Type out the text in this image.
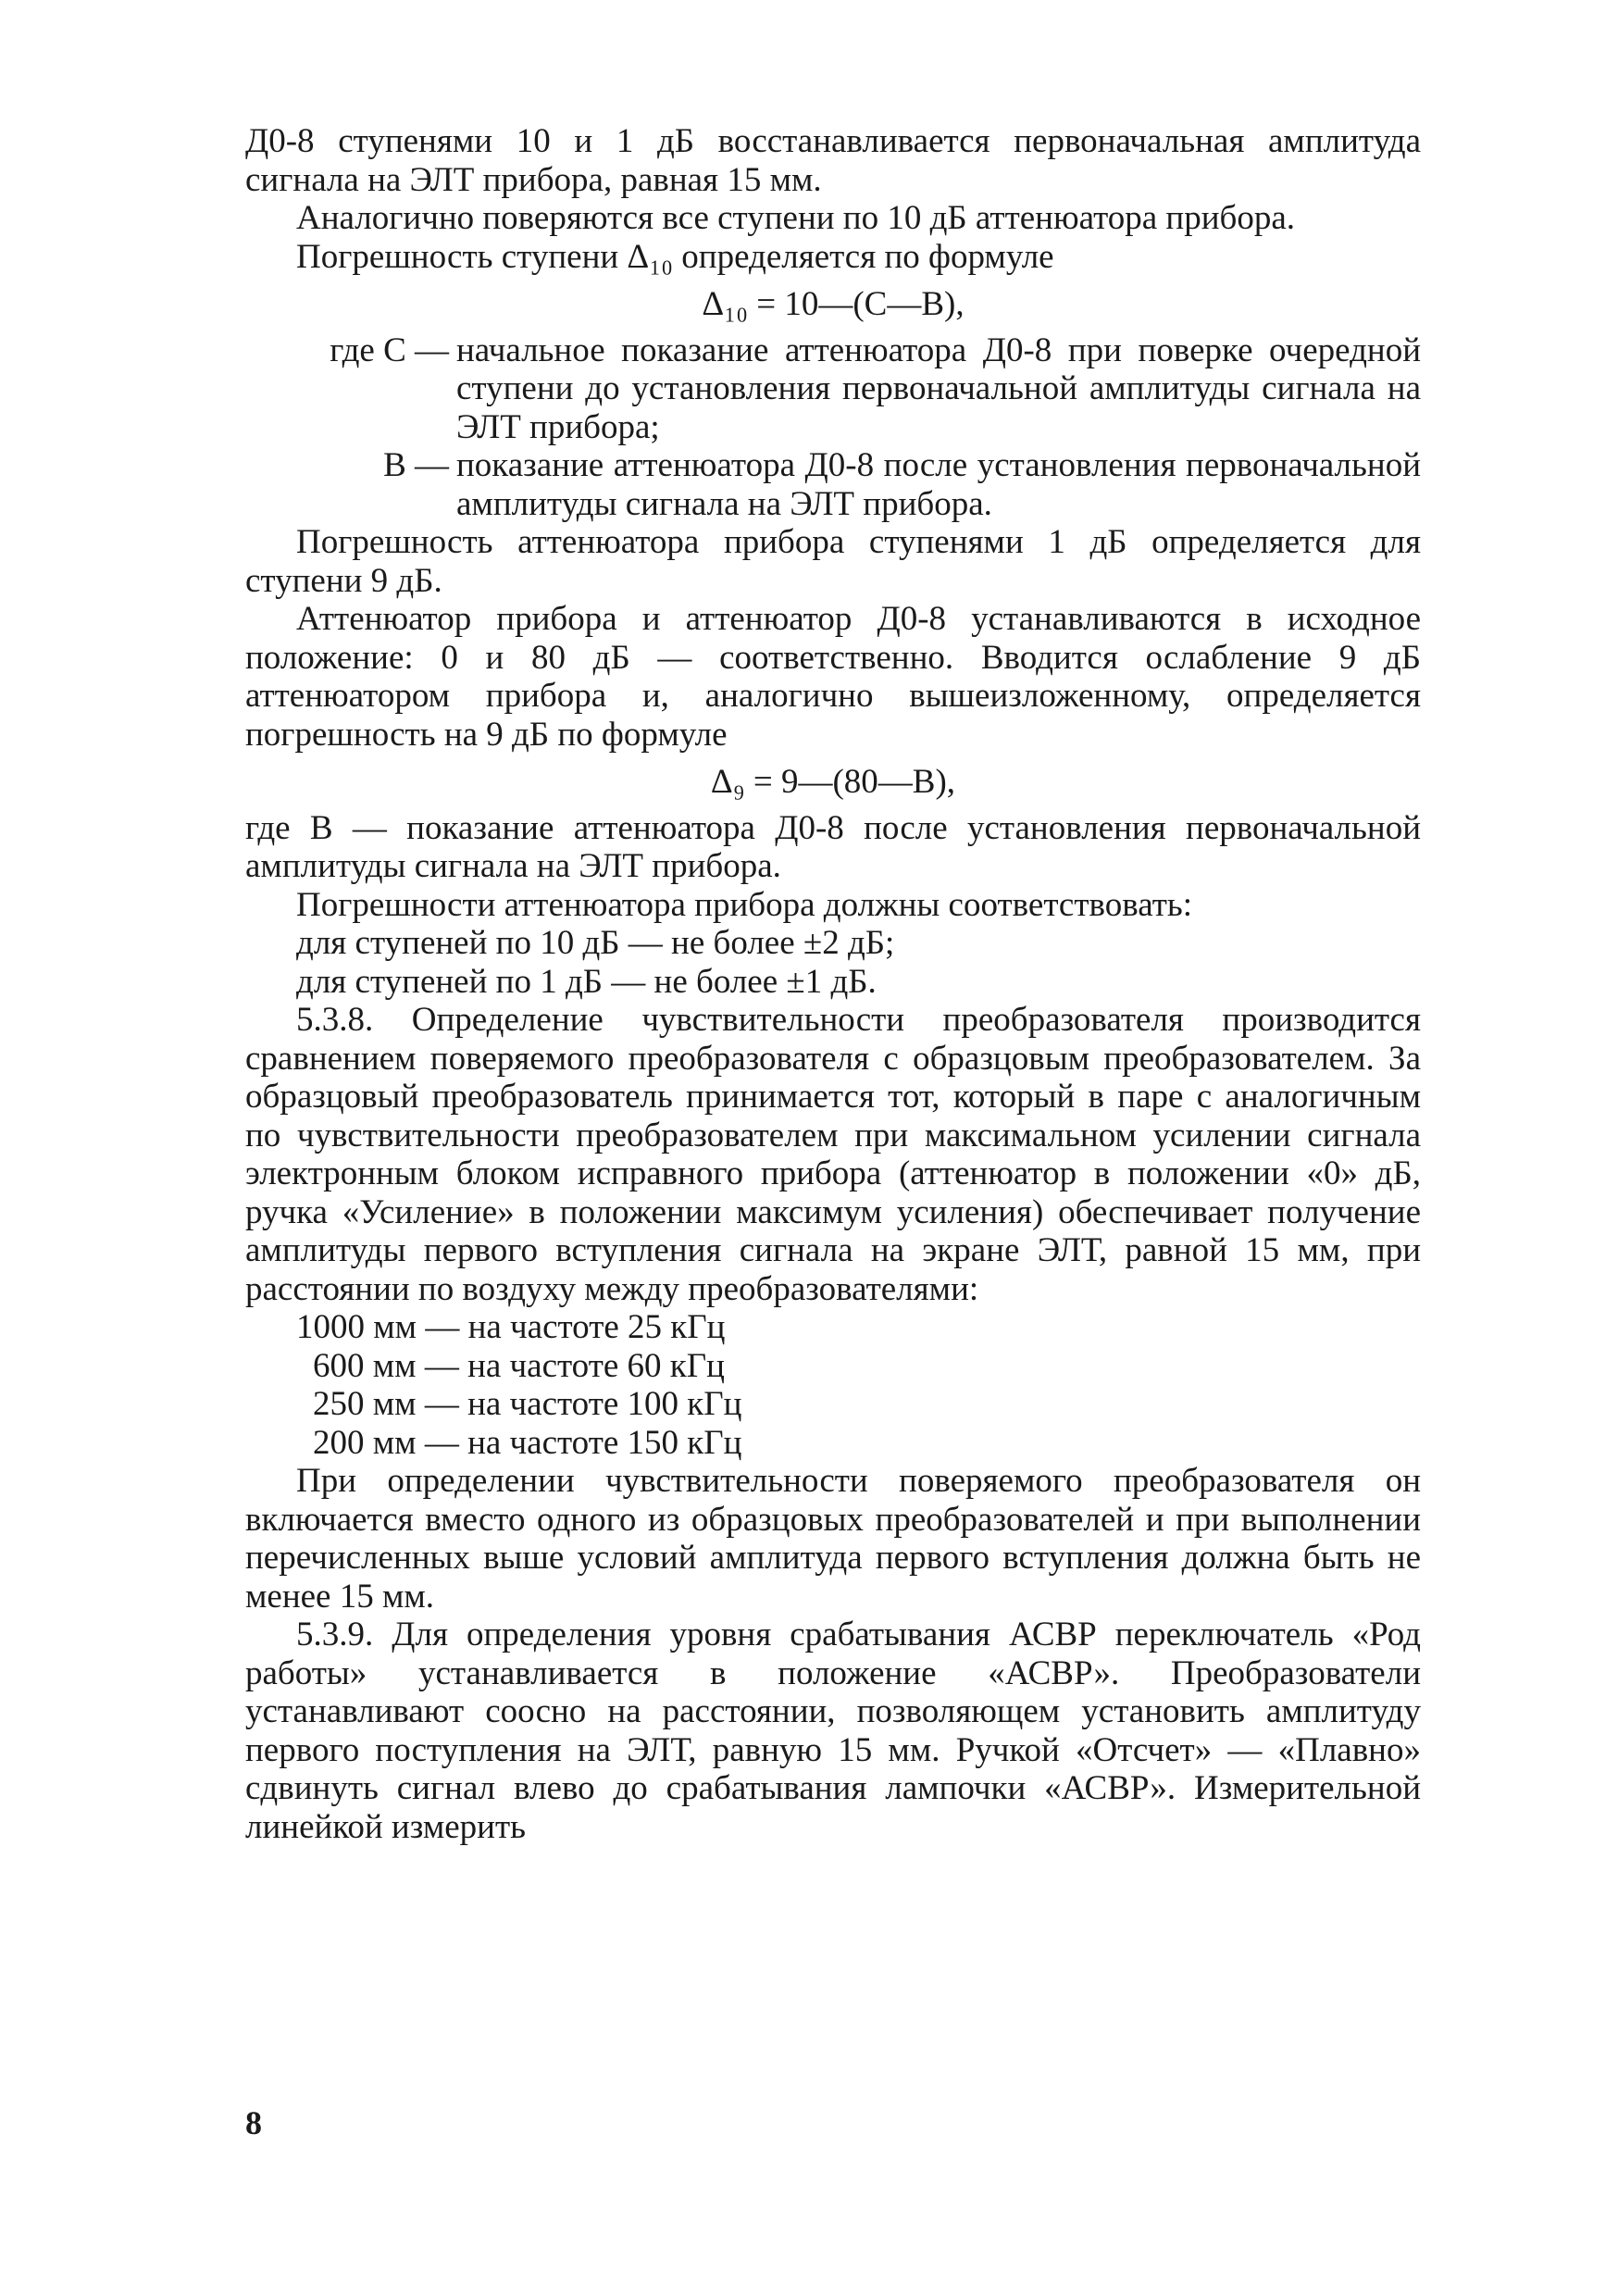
Д0-8 ступенями 10 и 1 дБ восстанавливается первоначальная амплитуда сигнала на ЭЛТ прибора, равная 15 мм.

Аналогично поверяются все ступени по 10 дБ аттенюатора прибора.

Погрешность ступени Δ₁₀ определяется по формуле

Δ₁₀ = 10—(С—В),

где С — начальное показание аттенюатора Д0-8 при поверке очередной ступени до установления первоначальной амплитуды сигнала на ЭЛТ прибора;
В — показание аттенюатора Д0-8 после установления первоначальной амплитуды сигнала на ЭЛТ прибора.

Погрешность аттенюатора прибора ступенями 1 дБ определяется для ступени 9 дБ.

Аттенюатор прибора и аттенюатор Д0-8 устанавливаются в исходное положение: 0 и 80 дБ — соответственно. Вводится ослабление 9 дБ аттенюатором прибора и, аналогично вышеизложенному, определяется погрешность на 9 дБ по формуле

Δ₉ = 9—(80—В),

где В — показание аттенюатора Д0-8 после установления первоначальной амплитуды сигнала на ЭЛТ прибора.

Погрешности аттенюатора прибора должны соответствовать:

для ступеней по 10 дБ — не более ±2 дБ;

для ступеней по 1 дБ — не более ±1 дБ.

5.3.8. Определение чувствительности преобразователя производится сравнением поверяемого преобразователя с образцовым преобразователем. За образцовый преобразователь принимается тот, который в паре с аналогичным по чувствительности преобразователем при максимальном усилении сигнала электронным блоком исправного прибора (аттенюатор в положении «0» дБ, ручка «Усиление» в положении максимум усиления) обеспечивает получение амплитуды первого вступления сигнала на экране ЭЛТ, равной 15 мм, при расстоянии по воздуху между преобразователями:

1000 мм — на частоте 25 кГц
600 мм — на частоте 60 кГц
250 мм — на частоте 100 кГц
200 мм — на частоте 150 кГц

При определении чувствительности поверяемого преобразователя он включается вместо одного из образцовых преобразователей и при выполнении перечисленных выше условий амплитуда первого вступления должна быть не менее 15 мм.

5.3.9. Для определения уровня срабатывания АСВР переключатель «Род работы» устанавливается в положение «АСВР». Преобразователи устанавливают соосно на расстоянии, позволяющем установить амплитуду первого поступления на ЭЛТ, равную 15 мм. Ручкой «Отсчет» — «Плавно» сдвинуть сигнал влево до срабатывания лампочки «АСВР». Измерительной линейкой измерить

8
